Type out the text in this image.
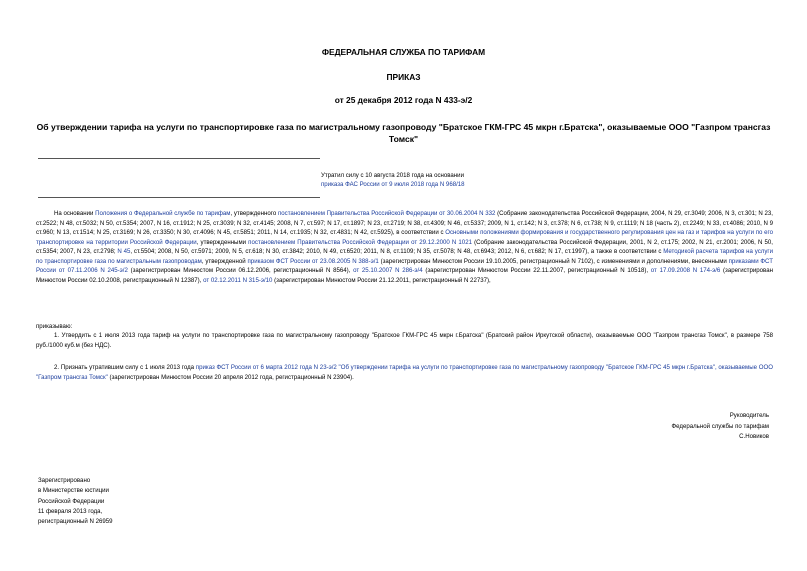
ФЕДЕРАЛЬНАЯ СЛУЖБА ПО ТАРИФАМ
ПРИКАЗ
от 25 декабря 2012 года N 433-э/2
Об утверждении тарифа на услуги по транспортировке газа по магистральному газопроводу "Братское ГКМ-ГРС 45 мкрн г.Братска", оказываемые ООО "Газпром трансгаз Томск"
Утратил силу с 10 августа 2018 года на основании
приказа ФАС России от 9 июля 2018 года N 968/18

На основании Положения о Федеральной службе по тарифам, утвержденного постановлением Правительства Российской Федерации от 30.06.2004 N 332 (Собрание законодательства Российской Федерации, 2004, N 29, ст.3049; 2006, N 3, ст.301; N 23, ст.2522; N 48, ст.5032; N 50, ст.5354; 2007, N 16, ст.1912; N 25, ст.3039; N 32, ст.4145; 2008, N 7, ст.597; N 17, ст.1897; N 23, ст.2719; N 38, ст.4309; N 46, ст.5337; 2009, N 1, ст.142; N 3, ст.378; N 6, ст.738; N 9, ст.1119; N 18 (часть 2), ст.2249; N 33, ст.4086; 2010, N 9 ст.960; N 13, ст.1514; N 25, ст.3169; N 26, ст.3350; N 30, ст.4096; N 45, ст.5851; 2011, N 14, ст.1935; N 32, ст.4831; N 42, ст.5925), в соответствии с Основными положениями формирования и государственного регулирования цен на газ и тарифов на услуги по его транспортировке на территории Российской Федерации, утвержденными постановлением Правительства Российской Федерации от 29.12.2000 N 1021 (Собрание законодательства Российской Федерации, 2001, N 2, ст.175; 2002, N 21, ст.2001; 2006, N 50, ст.5354; 2007, N 23, ст.2798; N 45, ст.5504; 2008, N 50, ст.5971; 2009, N 5, ст.618; N 30, ст.3842; 2010, N 49, ст.6520; 2011, N 8, ст.1109; N 35, ст.5078; N 48, ст.6943; 2012, N 6, ст.682; N 17, ст.1997), а также в соответствии с Методикой расчета тарифов на услуги по транспортировке газа по магистральным газопроводам, утвержденной приказом ФСТ России от 23.08.2005 N 388-э/1 (зарегистрирован Минюстом России 19.10.2005, регистрационный N 7102), с изменениями и дополнениями, внесенными приказами ФСТ России от 07.11.2006 N 245-э/2 (зарегистрирован Минюстом России 06.12.2006, регистрационный N 8564), от 25.10.2007 N 286-э/4 (зарегистрирован Минюстом России 22.11.2007, регистрационный N 10518), от 17.09.2008 N 174-э/6 (зарегистрирован Минюстом России 02.10.2008, регистрационный N 12387), от 02.12.2011 N 315-э/10 (зарегистрирован Минюстом России 21.12.2011, регистрационный N 22737),

приказываю:

1. Утвердить с 1 июля 2013 года тариф на услуги по транспортировке газа по магистральному газопроводу "Братское ГКМ-ГРС 45 мкрн г.Братска" (Братский район Иркутской области), оказываемые ООО "Газпром трансгаз Томск", в размере 758 руб./1000 куб.м (без НДС).

2. Признать утратившим силу с 1 июля 2013 года приказ ФСТ России от 6 марта 2012 года N 23-э/2 "Об утверждении тарифа на услуги по транспортировке газа по магистральному газопроводу "Братское ГКМ-ГРС 45 мкрн г.Братска", оказываемые ООО "Газпром трансгаз Томск" (зарегистрирован Минюстом России 20 апреля 2012 года, регистрационный N 23904).

Руководитель
Федеральной службы по тарифам
С.Новиков
Зарегистрировано
в Министерстве юстиции
Российской Федерации
11 февраля 2013 года,
регистрационный N 26959
